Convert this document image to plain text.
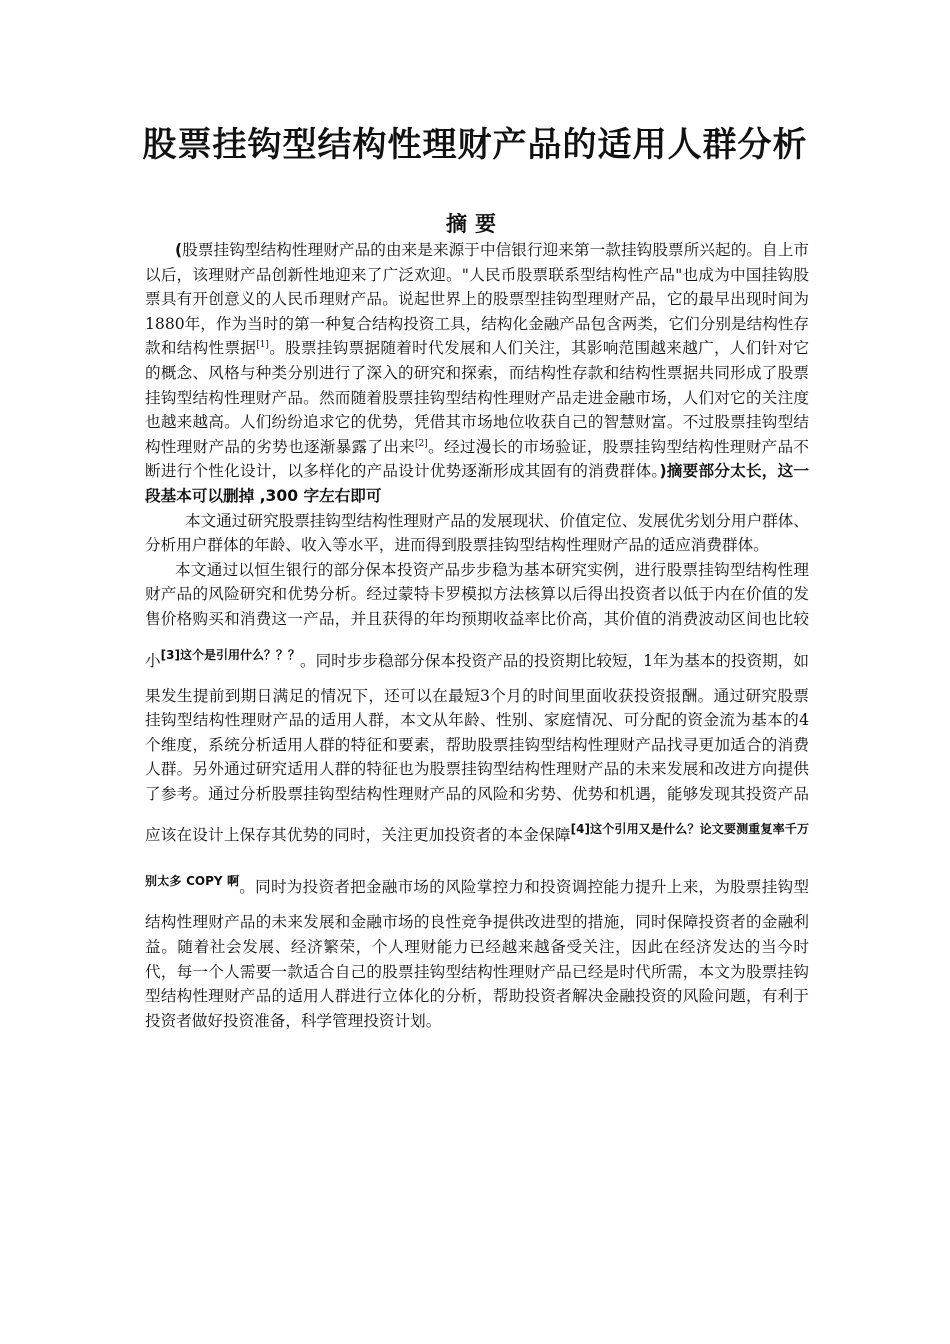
股票挂钩型结构性理财产品的适用人群分析
摘要

(股票挂钩型结构性理财产品的由来是来源于中信银行迎来第一款挂钩股票所兴起的。自上市以后，该理财产品创新性地迎来了广泛欢迎。"人民币股票联系型结构性产品"也成为中国挂钩股票具有开创意义的人民币理财产品。说起世界上的股票型挂钩型理财产品，它的最早出现时间为1880年，作为当时的第一种复合结构投资工具，结构化金融产品包含两类，它们分别是结构性存款和结构性票据[1]。股票挂钩票据随着时代发展和人们关注，其影响范围越来越广，人们针对它的概念、风格与种类分别进行了深入的研究和探索，而结构性存款和结构性票据共同形成了股票挂钩型结构性理财产品。然而随着股票挂钩型结构性理财产品走进金融市场，人们对它的关注度也越来越高。人们纷纷追求它的优势，凭借其市场地位收获自己的智慧财富。不过股票挂钩型结构性理财产品的劣势也逐渐暴露了出来[2]。经过漫长的市场验证，股票挂钩型结构性理财产品不断进行个性化设计，以多样化的产品设计优势逐渐形成其固有的消费群体。)摘要部分太长，这一段基本可以删掉 ,300 字左右即可

本文通过研究股票挂钩型结构性理财产品的发展现状、价值定位、发展优劣划分用户群体、分析用户群体的年龄、收入等水平，进而得到股票挂钩型结构性理财产品的适应消费群体。

本文通过以恒生银行的部分保本投资产品步步稳为基本研究实例，进行股票挂钩型结构性理财产品的风险研究和优势分析。经过蒙特卡罗模拟方法核算以后得出投资者以低于内在价值的发售价格购买和消费这一产品，并且获得的年均预期收益率比价高，其价值的消费波动区间也比较小$^{[3]这个是引用什么???}$。同时步步稳部分保本投资产品的投资期比较短，1年为基本的投资期，如果发生提前到期日满足的情况下，还可以在最短3个月的时间里面收获投资报酬。通过研究股票挂钩型结构性理财产品的适用人群，本文从年龄、性别、家庭情况、可分配的资金流为基本的4个维度，系统分析适用人群的特征和要素，帮助股票挂钩型结构性理财产品找寻更加适合的消费人群。另外通过研究适用人群的特征也为股票挂钩型结构性理财产品的未来发展和改进方向提供了参考。通过分析股票挂钩型结构性理财产品的风险和劣势、优势和机遇，能够发现其投资产品应该在设计上保存其优势的同时，关注更加投资者的本金保障$^{[4]这个引用又是什么?论文要测重复率千万别太多 COPY 啊}$。同时为投资者把金融市场的风险掌控力和投资调控能力提升上来，为股票挂钩型结构性理财产品的未来发展和金融市场的良性竞争提供改进型的措施，同时保障投资者的金融利益。随着社会发展、经济繁荣，个人理财能力已经越来越备受关注，因此在经济发达的当今时代，每一个人需要一款适合自己的股票挂钩型结构性理财产品已经是时代所需，本文为股票挂钩型结构性理财产品的适用人群进行立体化的分析，帮助投资者解决金融投资的风险问题，有利于投资者做好投资准备，科学管理投资计划。
